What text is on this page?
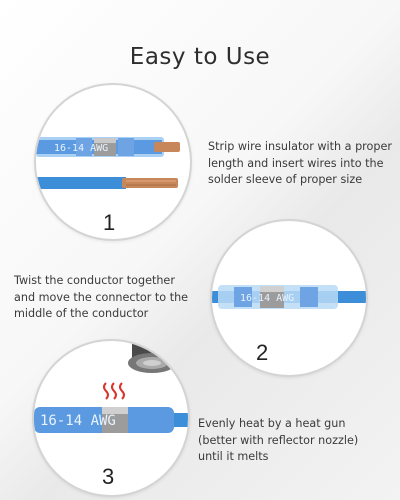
Easy to Use
16-14 AWG
1
Strip wire insulator with a proper
length and insert wires into the
solder sleeve of proper size
16-14 AWG
2
Twist the conductor together
and move the connector to the
middle of the conductor
16-14 AWG
3
Evenly heat by a heat gun
(better with reflector nozzle)
until it melts
